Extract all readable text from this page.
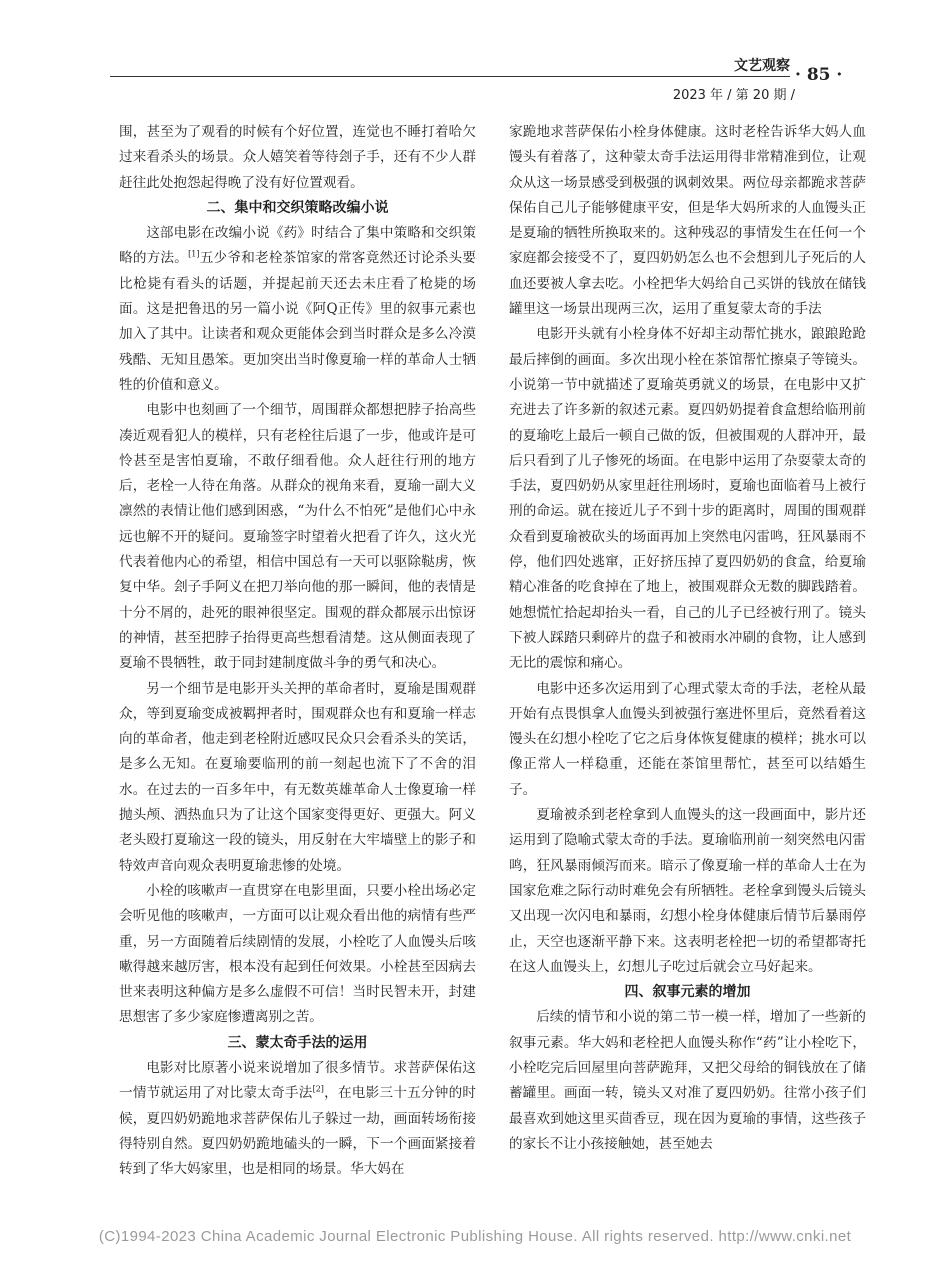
文艺观察 · 85 ·
2023 年 / 第 20 期 /

围，甚至为了观看的时候有个好位置，连觉也不睡打着哈欠过来看杀头的场景。众人嬉笑着等待刽子手，还有不少人群赶往此处抱怨起得晚了没有好位置观看。

二、集中和交织策略改编小说

这部电影在改编小说《药》时结合了集中策略和交织策略的方法。[1]五少爷和老栓茶馆家的常客竟然还讨论杀头要比枪毙有看头的话题，并提起前天还去未庄看了枪毙的场面。这是把鲁迅的另一篇小说《阿Q正传》里的叙事元素也加入了其中。让读者和观众更能体会到当时群众是多么冷漠残酷、无知且愚笨。更加突出当时像夏瑜一样的革命人士牺牲的价值和意义。

电影中也刻画了一个细节，周围群众都想把脖子抬高些凑近观看犯人的模样，只有老栓往后退了一步，他或许是可怜甚至是害怕夏瑜，不敢仔细看他。众人赶往行刑的地方后，老栓一人待在角落。从群众的视角来看，夏瑜一副大义凛然的表情让他们感到困惑，“为什么不怕死”是他们心中永远也解不开的疑问。夏瑜签字时望着火把看了许久，这火光代表着他内心的希望，相信中国总有一天可以驱除鞑虏，恢复中华。刽子手阿义在把刀举向他的那一瞬间，他的表情是十分不屑的，赴死的眼神很坚定。围观的群众都展示出惊讶的神情，甚至把脖子抬得更高些想看清楚。这从侧面表现了夏瑜不畏牺牲，敢于同封建制度做斗争的勇气和决心。

另一个细节是电影开头关押的革命者时，夏瑜是围观群众，等到夏瑜变成被羁押者时，围观群众也有和夏瑜一样志向的革命者，他走到老栓附近感叹民众只会看杀头的笑话，是多么无知。在夏瑜要临刑的前一刻起也流下了不舍的泪水。在过去的一百多年中，有无数英雄革命人士像夏瑜一样抛头颅、洒热血只为了让这个国家变得更好、更强大。阿义老头殴打夏瑜这一段的镜头，用反射在大牢墙壁上的影子和特效声音向观众表明夏瑜悲惨的处境。

小栓的咳嗽声一直贯穿在电影里面，只要小栓出场必定会听见他的咳嗽声，一方面可以让观众看出他的病情有些严重，另一方面随着后续剧情的发展，小栓吃了人血馒头后咳嗽得越来越厉害，根本没有起到任何效果。小栓甚至因病去世来表明这种偏方是多么虚假不可信！当时民智未开，封建思想害了多少家庭惨遭离别之苦。

三、蒙太奇手法的运用

电影对比原著小说来说增加了很多情节。求菩萨保佑这一情节就运用了对比蒙太奇手法[2]，在电影三十五分钟的时候，夏四奶奶跪地求菩萨保佑儿子躲过一劫，画面转场衔接得特别自然。夏四奶奶跪地磕头的一瞬，下一个画面紧接着转到了华大妈家里，也是相同的场景。华大妈在

家跪地求菩萨保佑小栓身体健康。这时老栓告诉华大妈人血馒头有着落了，这种蒙太奇手法运用得非常精准到位，让观众从这一场景感受到极强的讽刺效果。两位母亲都跪求菩萨保佑自己儿子能够健康平安，但是华大妈所求的人血馒头正是夏瑜的牺牲所换取来的。这种残忍的事情发生在任何一个家庭都会接受不了，夏四奶奶怎么也不会想到儿子死后的人血还要被人拿去吃。小栓把华大妈给自己买饼的钱放在储钱罐里这一场景出现两三次，运用了重复蒙太奇的手法

电影开头就有小栓身体不好却主动帮忙挑水，踉踉跄跄最后摔倒的画面。多次出现小栓在茶馆帮忙擦桌子等镜头。小说第一节中就描述了夏瑜英勇就义的场景，在电影中又扩充进去了许多新的叙述元素。夏四奶奶提着食盒想给临刑前的夏瑜吃上最后一顿自己做的饭，但被围观的人群冲开，最后只看到了儿子惨死的场面。在电影中运用了杂耍蒙太奇的手法，夏四奶奶从家里赶往刑场时，夏瑜也面临着马上被行刑的命运。就在接近儿子不到十步的距离时，周围的围观群众看到夏瑜被砍头的场面再加上突然电闪雷鸣，狂风暴雨不停，他们四处逃窜，正好挤压掉了夏四奶奶的食盒，给夏瑜精心准备的吃食掉在了地上，被围观群众无数的脚践踏着。她想慌忙拾起却抬头一看，自己的儿子已经被行刑了。镜头下被人踩踏只剩碎片的盘子和被雨水冲刷的食物，让人感到无比的震惊和痛心。

电影中还多次运用到了心理式蒙太奇的手法，老栓从最开始有点畏惧拿人血馒头到被强行塞进怀里后，竟然看着这馒头在幻想小栓吃了它之后身体恢复健康的模样；挑水可以像正常人一样稳重，还能在茶馆里帮忙，甚至可以结婚生子。

夏瑜被杀到老栓拿到人血馒头的这一段画面中，影片还运用到了隐喻式蒙太奇的手法。夏瑜临刑前一刻突然电闪雷鸣，狂风暴雨倾泻而来。暗示了像夏瑜一样的革命人士在为国家危难之际行动时难免会有所牺牲。老栓拿到馒头后镜头又出现一次闪电和暴雨，幻想小栓身体健康后情节后暴雨停止，天空也逐渐平静下来。这表明老栓把一切的希望都寄托在这人血馒头上，幻想儿子吃过后就会立马好起来。

四、叙事元素的增加

后续的情节和小说的第二节一模一样，增加了一些新的叙事元素。华大妈和老栓把人血馒头称作“药”让小栓吃下，小栓吃完后回屋里向菩萨跪拜，又把父母给的铜钱放在了储蓄罐里。画面一转，镜头又对准了夏四奶奶。往常小孩子们最喜欢到她这里买茴香豆，现在因为夏瑜的事情，这些孩子的家长不让小孩接触她，甚至她去

(C)1994-2023 China Academic Journal Electronic Publishing House. All rights reserved. http://www.cnki.net
